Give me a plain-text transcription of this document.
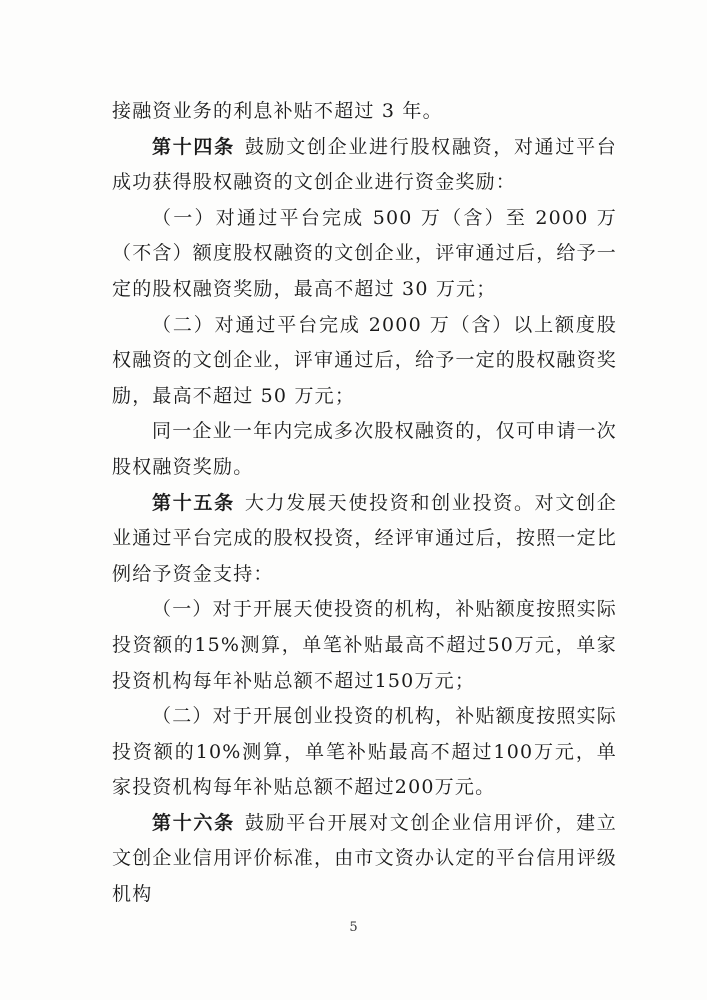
接融资业务的利息补贴不超过 3 年。

第十四条 鼓励文创企业进行股权融资，对通过平台成功获得股权融资的文创企业进行资金奖励：

（一）对通过平台完成 500 万（含）至 2000 万（不含）额度股权融资的文创企业，评审通过后，给予一定的股权融资奖励，最高不超过 30 万元；

（二）对通过平台完成 2000 万（含）以上额度股权融资的文创企业，评审通过后，给予一定的股权融资奖励，最高不超过 50 万元；

同一企业一年内完成多次股权融资的，仅可申请一次股权融资奖励。

第十五条 大力发展天使投资和创业投资。对文创企业通过平台完成的股权投资，经评审通过后，按照一定比例给予资金支持：

（一）对于开展天使投资的机构，补贴额度按照实际投资额的15%测算，单笔补贴最高不超过50万元，单家投资机构每年补贴总额不超过150万元；

（二）对于开展创业投资的机构，补贴额度按照实际投资额的10%测算，单笔补贴最高不超过100万元，单家投资机构每年补贴总额不超过200万元。

第十六条 鼓励平台开展对文创企业信用评价，建立文创企业信用评价标准，由市文资办认定的平台信用评级机构

5
